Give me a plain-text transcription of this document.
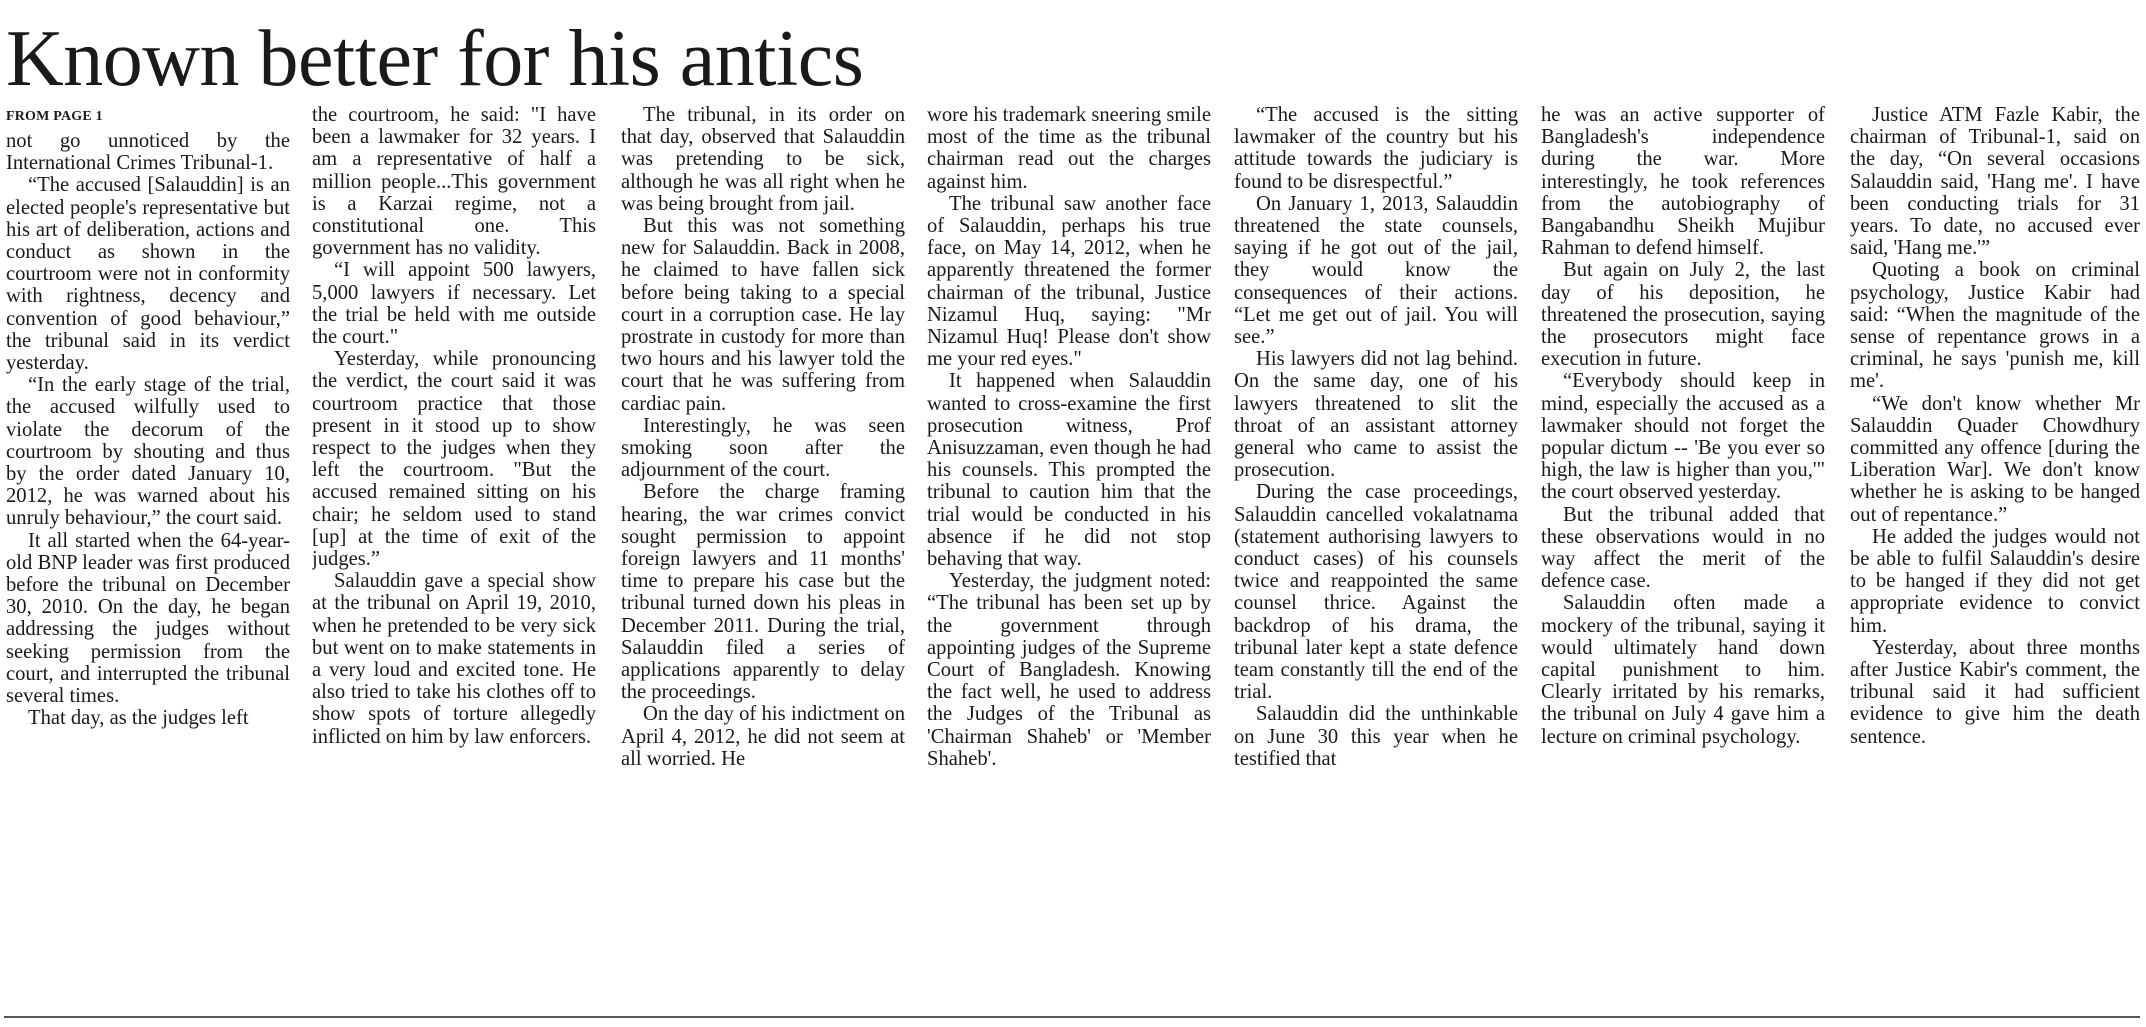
Known better for his antics
FROM PAGE 1

not go unnoticed by the International Crimes Tribunal-1.

“The accused [Salauddin] is an elected people's representative but his art of deliberation, actions and conduct as shown in the courtroom were not in conformity with rightness, decency and convention of good behaviour,” the tribunal said in its verdict yesterday.

“In the early stage of the trial, the accused wilfully used to violate the decorum of the courtroom by shouting and thus by the order dated January 10, 2012, he was warned about his unruly behaviour,” the court said.

It all started when the 64-year-old BNP leader was first produced before the tribunal on December 30, 2010. On the day, he began addressing the judges without seeking permission from the court, and interrupted the tribunal several times.

That day, as the judges left

the courtroom, he said: "I have been a lawmaker for 32 years. I am a representative of half a million people...This government is a Karzai regime, not a constitutional one. This government has no validity.

“I will appoint 500 lawyers, 5,000 lawyers if necessary. Let the trial be held with me outside the court."

Yesterday, while pronouncing the verdict, the court said it was courtroom practice that those present in it stood up to show respect to the judges when they left the courtroom. "But the accused remained sitting on his chair; he seldom used to stand [up] at the time of exit of the judges.”

Salauddin gave a special show at the tribunal on April 19, 2010, when he pretended to be very sick but went on to make statements in a very loud and excited tone. He also tried to take his clothes off to show spots of torture allegedly inflicted on him by law enforcers.

The tribunal, in its order on that day, observed that Salauddin was pretending to be sick, although he was all right when he was being brought from jail.

But this was not something new for Salauddin. Back in 2008, he claimed to have fallen sick before being taking to a special court in a corruption case. He lay prostrate in custody for more than two hours and his lawyer told the court that he was suffering from cardiac pain.

Interestingly, he was seen smoking soon after the adjournment of the court.

Before the charge framing hearing, the war crimes convict sought permission to appoint foreign lawyers and 11 months' time to prepare his case but the tribunal turned down his pleas in December 2011. During the trial, Salauddin filed a series of applications apparently to delay the proceedings.

On the day of his indictment on April 4, 2012, he did not seem at all worried. He

wore his trademark sneering smile most of the time as the tribunal chairman read out the charges against him.

The tribunal saw another face of Salauddin, perhaps his true face, on May 14, 2012, when he apparently threatened the former chairman of the tribunal, Justice Nizamul Huq, saying: "Mr Nizamul Huq! Please don't show me your red eyes."

It happened when Salauddin wanted to cross-examine the first prosecution witness, Prof Anisuzzaman, even though he had his counsels. This prompted the tribunal to caution him that the trial would be conducted in his absence if he did not stop behaving that way.

Yesterday, the judgment noted: “The tribunal has been set up by the government through appointing judges of the Supreme Court of Bangladesh. Knowing the fact well, he used to address the Judges of the Tribunal as 'Chairman Shaheb' or 'Member Shaheb'.

“The accused is the sitting lawmaker of the country but his attitude towards the judiciary is found to be disrespectful.”

On January 1, 2013, Salauddin threatened the state counsels, saying if he got out of the jail, they would know the consequences of their actions. “Let me get out of jail. You will see.”

His lawyers did not lag behind. On the same day, one of his lawyers threatened to slit the throat of an assistant attorney general who came to assist the prosecution.

During the case proceedings, Salauddin cancelled vokalatnama (statement authorising lawyers to conduct cases) of his counsels twice and reappointed the same counsel thrice. Against the backdrop of his drama, the tribunal later kept a state defence team constantly till the end of the trial.

Salauddin did the unthinkable on June 30 this year when he testified that

he was an active supporter of Bangladesh's independence during the war. More interestingly, he took references from the autobiography of Bangabandhu Sheikh Mujibur Rahman to defend himself.

But again on July 2, the last day of his deposition, he threatened the prosecution, saying the prosecutors might face execution in future.

“Everybody should keep in mind, especially the accused as a lawmaker should not forget the popular dictum -- 'Be you ever so high, the law is higher than you,'" the court observed yesterday.

But the tribunal added that these observations would in no way affect the merit of the defence case.

Salauddin often made a mockery of the tribunal, saying it would ultimately hand down capital punishment to him. Clearly irritated by his remarks, the tribunal on July 4 gave him a lecture on criminal psychology.

Justice ATM Fazle Kabir, the chairman of Tribunal-1, said on the day, “On several occasions Salauddin said, 'Hang me'. I have been conducting trials for 31 years. To date, no accused ever said, 'Hang me.'”

Quoting a book on criminal psychology, Justice Kabir had said: “When the magnitude of the sense of repentance grows in a criminal, he says 'punish me, kill me'.

“We don't know whether Mr Salauddin Quader Chowdhury committed any offence [during the Liberation War]. We don't know whether he is asking to be hanged out of repentance.”

He added the judges would not be able to fulfil Salauddin's desire to be hanged if they did not get appropriate evidence to convict him.

Yesterday, about three months after Justice Kabir's comment, the tribunal said it had sufficient evidence to give him the death sentence.
